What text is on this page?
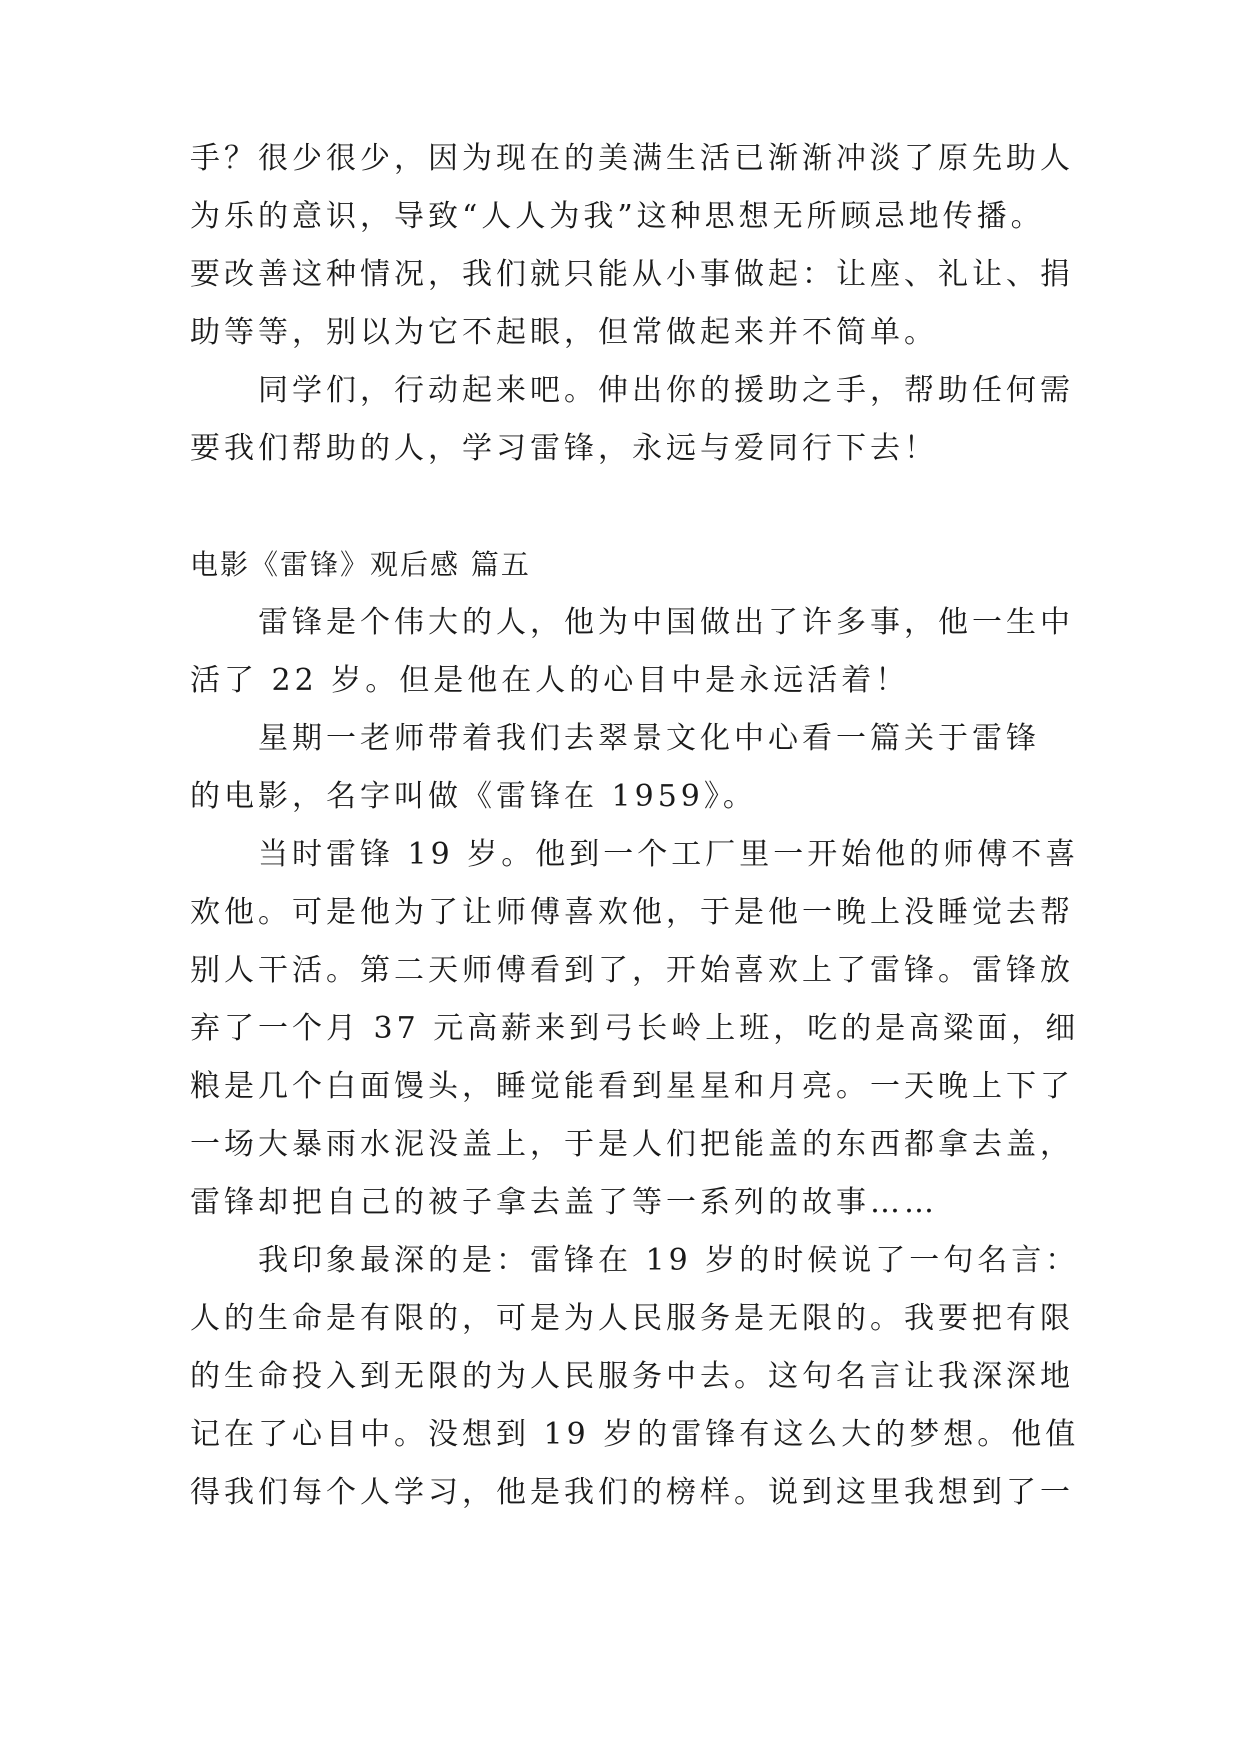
手？很少很少，因为现在的美满生活已渐渐冲淡了原先助人
为乐的意识，导致“人人为我”这种思想无所顾忌地传播。
要改善这种情况，我们就只能从小事做起：让座、礼让、捐
助等等，别以为它不起眼，但常做起来并不简单。
同学们，行动起来吧。伸出你的援助之手，帮助任何需
要我们帮助的人，学习雷锋，永远与爱同行下去！
电影《雷锋》观后感 篇五
雷锋是个伟大的人，他为中国做出了许多事，他一生中
活了 22 岁。但是他在人的心目中是永远活着！
星期一老师带着我们去翠景文化中心看一篇关于雷锋
的电影，名字叫做《雷锋在 1959》。
当时雷锋 19 岁。他到一个工厂里一开始他的师傅不喜
欢他。可是他为了让师傅喜欢他，于是他一晚上没睡觉去帮
别人干活。第二天师傅看到了，开始喜欢上了雷锋。雷锋放
弃了一个月 37 元高薪来到弓长岭上班，吃的是高粱面，细
粮是几个白面馒头，睡觉能看到星星和月亮。一天晚上下了
一场大暴雨水泥没盖上，于是人们把能盖的东西都拿去盖，
雷锋却把自己的被子拿去盖了等一系列的故事……
我印象最深的是：雷锋在 19 岁的时候说了一句名言：
人的生命是有限的，可是为人民服务是无限的。我要把有限
的生命投入到无限的为人民服务中去。这句名言让我深深地
记在了心目中。没想到 19 岁的雷锋有这么大的梦想。他值
得我们每个人学习，他是我们的榜样。说到这里我想到了一
